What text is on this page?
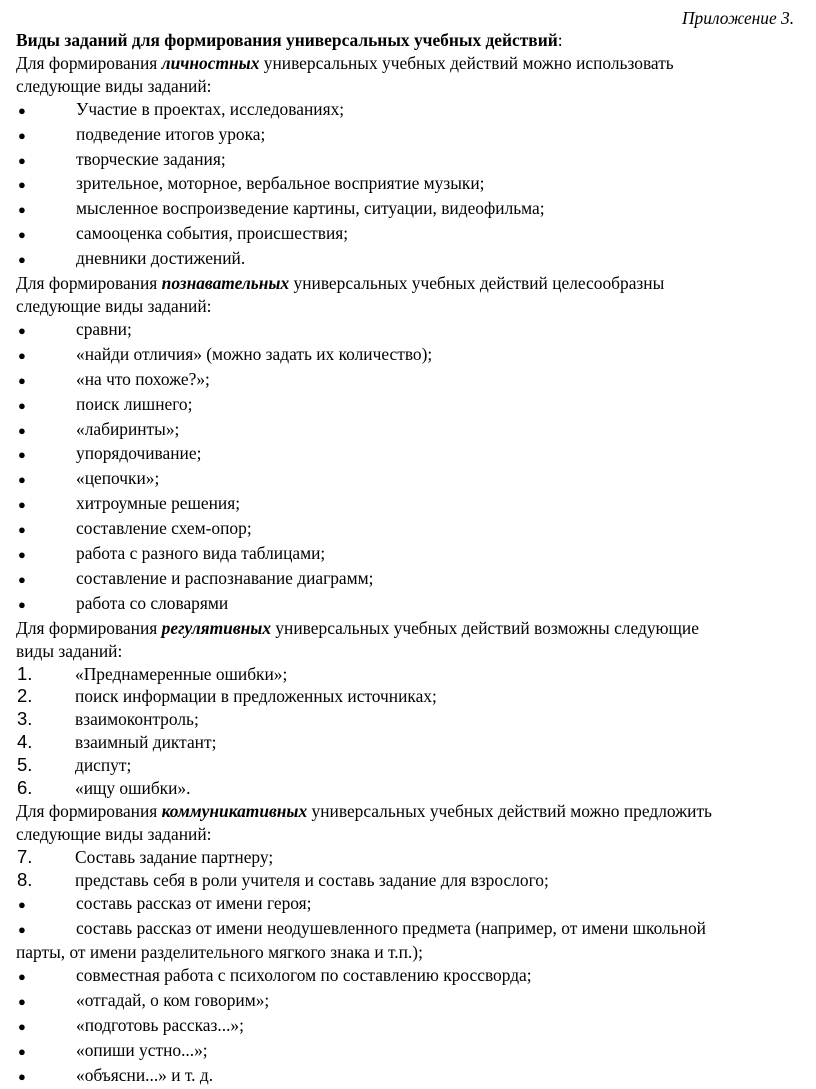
Приложение 3.
Виды заданий для формирования универсальных учебных действий:
Для формирования личностных универсальных учебных действий можно использовать
следующие виды заданий:
●	Участие в проектах, исследованиях;
●	подведение итогов урока;
●	творческие задания;
●	зрительное, моторное, вербальное восприятие музыки;
●	мысленное воспроизведение картины, ситуации, видеофильма;
●	самооценка события, происшествия;
●	дневники достижений.
Для формирования познавательных универсальных учебных действий целесообразны
следующие виды заданий:
●	сравни;
●	«найди отличия» (можно задать их количество);
●	«на что похоже?»;
●	поиск лишнего;
●	«лабиринты»;
●	упорядочивание;
●	«цепочки»;
●	хитроумные решения;
●	составление схем-опор;
●	работа с разного вида таблицами;
●	составление и распознавание диаграмм;
●	работа со словарями
Для формирования регулятивных универсальных учебных действий возможны следующие
виды заданий:
1.	«Преднамеренные ошибки»;
2.	поиск информации в предложенных источниках;
3.	взаимоконтроль;
4.	взаимный диктант;
5.	диспут;
6.	«ищу ошибки».
Для формирования коммуникативных универсальных учебных действий можно предложить
следующие виды заданий:
7.	Составь задание партнеру;
8.	представь себя в роли учителя и составь задание для взрослого;
●	составь рассказ от имени героя;
●	составь рассказ от имени неодушевленного предмета (например, от имени школьной
парты, от имени разделительного мягкого знака и т.п.);
●	совместная работа с психологом по составлению кроссворда;
●	«отгадай, о ком говорим»;
●	«подготовь рассказ...»;
●	«опиши устно...»;
●	«объясни...» и т. д.
